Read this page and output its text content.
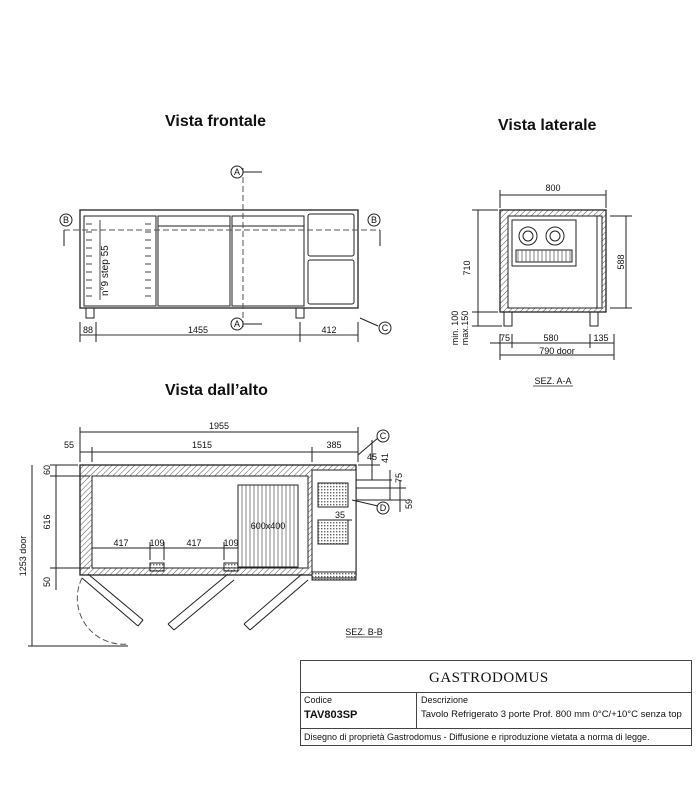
Vista frontale	Vista laterale
Vista dall’alto
A
A
B	B
C
n°9 step 55
88	1455	412
800
710	588
min. 100 max.150	75	580	135
790 door
SEZ. A-A
C
D
1955
55	1515	385
60
616
1253 door
50
417 109 417 109
45 41
75
59
35
600x400
SEZ. B-B
GASTRODOMUS
Codice
TAV803SP
Descrizione
Tavolo Refrigerato 3 porte Prof. 800 mm 0°C/+10°C senza top
Disegno di proprietà Gastrodomus - Diffusione e riproduzione vietata a norma di legge.
